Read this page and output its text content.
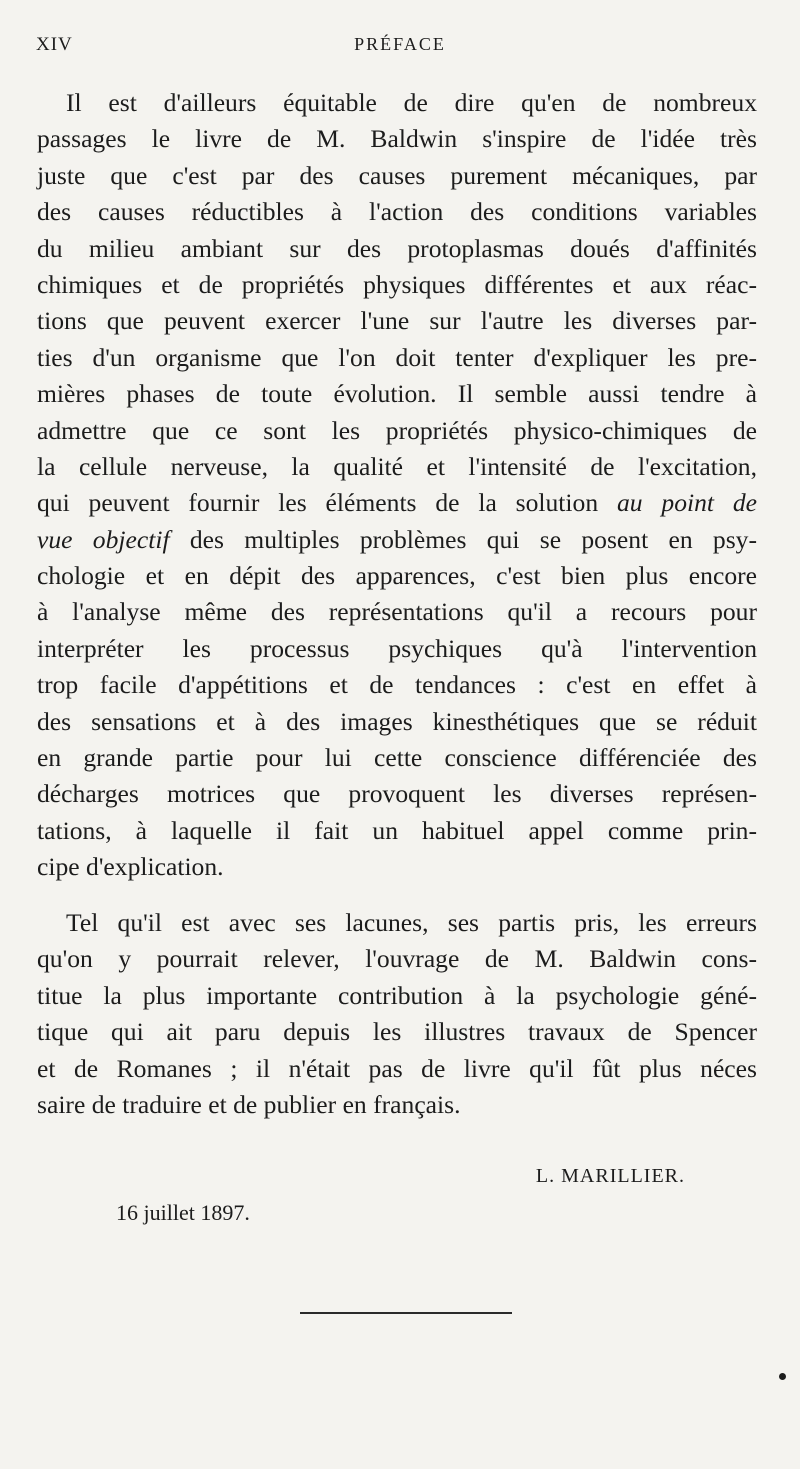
XIV	PRÉFACE
Il est d'ailleurs équitable de dire qu'en de nombreux
passages le livre de M. Baldwin s'inspire de l'idée très
juste que c'est par des causes purement mécaniques, par
des causes réductibles à l'action des conditions variables
du milieu ambiant sur des protoplasmas doués d'affinités
chimiques et de propriétés physiques différentes et aux réac-
tions que peuvent exercer l'une sur l'autre les diverses par-
ties d'un organisme que l'on doit tenter d'expliquer les pre-
mières phases de toute évolution. Il semble aussi tendre à
admettre que ce sont les propriétés physico-chimiques de
la cellule nerveuse, la qualité et l'intensité de l'excitation,
qui peuvent fournir les éléments de la solution au point de
vue objectif des multiples problèmes qui se posent en psy-
chologie et en dépit des apparences, c'est bien plus encore
à l'analyse même des représentations qu'il a recours pour
interpréter les processus psychiques qu'à l'intervention
trop facile d'appétitions et de tendances : c'est en effet à
des sensations et à des images kinesthétiques que se réduit
en grande partie pour lui cette conscience différenciée des
décharges motrices que provoquent les diverses représen-
tations, à laquelle il fait un habituel appel comme prin-
cipe d'explication.
Tel qu'il est avec ses lacunes, ses partis pris, les erreurs
qu'on y pourrait relever, l'ouvrage de M. Baldwin cons-
titue la plus importante contribution à la psychologie géné-
tique qui ait paru depuis les illustres travaux de Spencer
et de Romanes ; il n'était pas de livre qu'il fût plus néces
saire de traduire et de publier en français.
L. MARILLIER.
16 juillet 1897.
